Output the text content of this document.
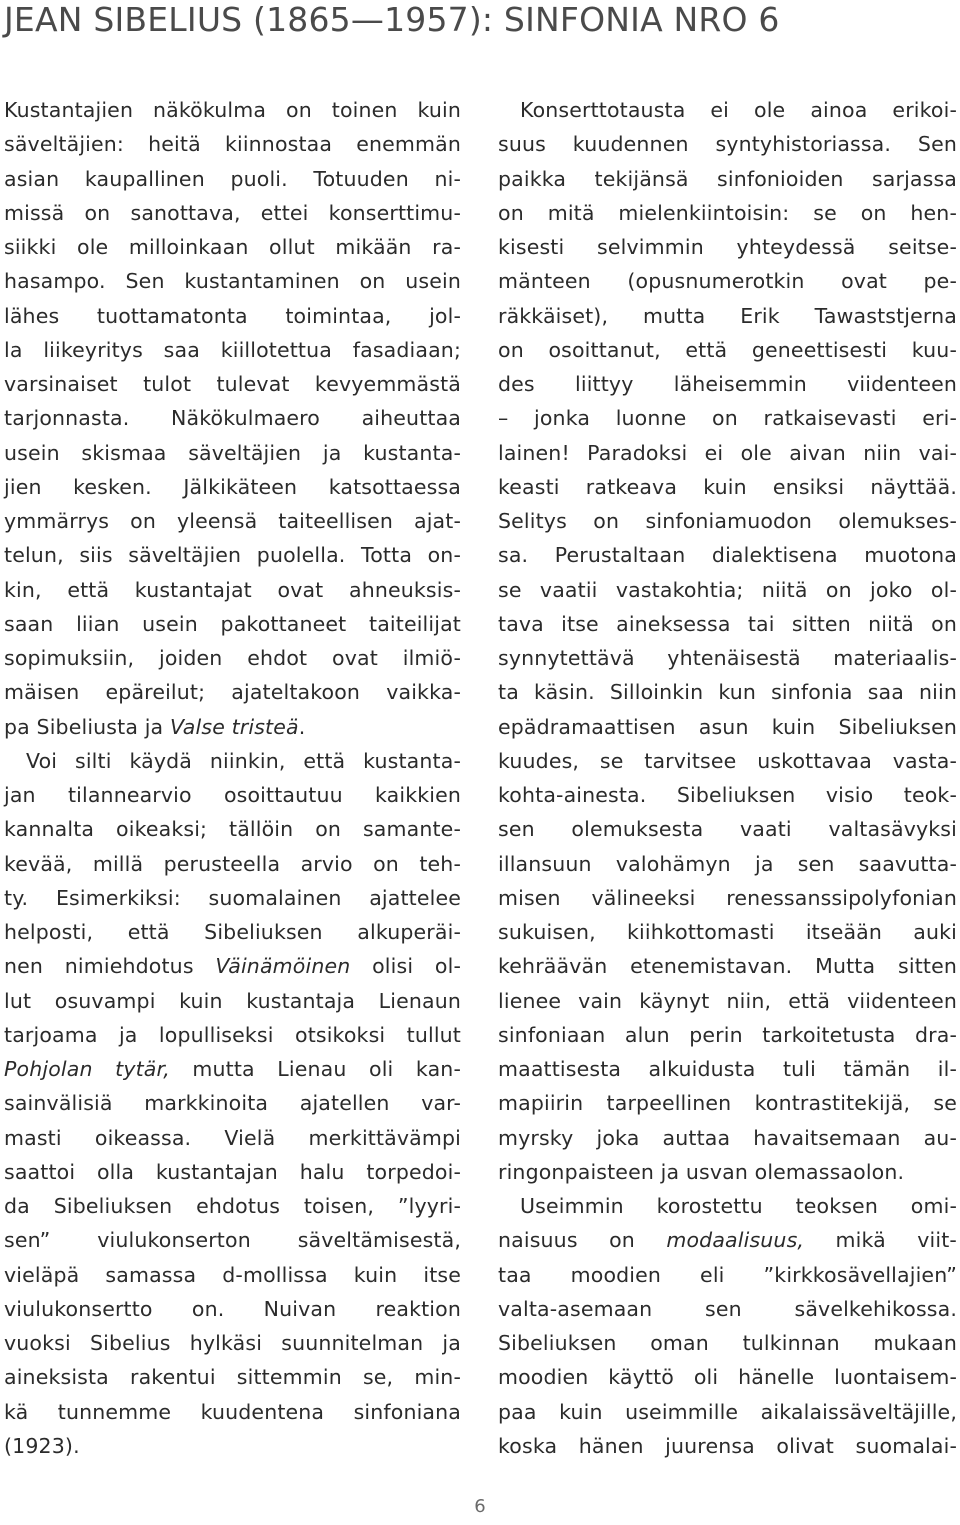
JEAN SIBELIUS (1865—1957): SINFONIA NRO 6
Kustantajien näkökulma on toinen kuin
säveltäjien: heitä kiinnostaa enemmän
asian kaupallinen puoli. Totuuden ni-
missä on sanottava, ettei konserttimu-
siikki ole milloinkaan ollut mikään ra-
hasampo. Sen kustantaminen on usein
lähes tuottamatonta toimintaa, jol-
la liikeyritys saa kiillotettua fasadiaan;
varsinaiset tulot tulevat kevyemmästä
tarjonnasta. Näkökulmaero aiheuttaa
usein skismaa säveltäjien ja kustanta-
jien kesken. Jälkikäteen katsottaessa
ymmärrys on yleensä taiteellisen ajat-
telun, siis säveltäjien puolella. Totta on-
kin, että kustantajat ovat ahneuksis-
saan liian usein pakottaneet taiteilijat
sopimuksiin, joiden ehdot ovat ilmiö-
mäisen epäreilut; ajateltakoon vaikka-
pa Sibeliusta ja Valse tristeä.
Voi silti käydä niinkin, että kustanta-
jan tilannearvio osoittautuu kaikkien
kannalta oikeaksi; tällöin on samante-
kevää, millä perusteella arvio on teh-
ty. Esimerkiksi: suomalainen ajattelee
helposti, että Sibeliuksen alkuperäi-
nen nimiehdotus Väinämöinen olisi ol-
lut osuvampi kuin kustantaja Lienaun
tarjoama ja lopulliseksi otsikoksi tullut
Pohjolan tytär, mutta Lienau oli kan-
sainvälisiä markkinoita ajatellen var-
masti oikeassa. Vielä merkittävämpi
saattoi olla kustantajan halu torpedoi-
da Sibeliuksen ehdotus toisen, ”lyyri-
sen” viulukonserton säveltämisestä,
vieläpä samassa d-mollissa kuin itse
viulukonsertto on. Nuivan reaktion
vuoksi Sibelius hylkäsi suunnitelman ja
aineksista rakentui sittemmin se, min-
kä tunnemme kuudentena sinfoniana
(1923).
Konserttotausta ei ole ainoa erikoi-
suus kuudennen syntyhistoriassa. Sen
paikka tekijänsä sinfonioiden sarjassa
on mitä mielenkiintoisin: se on hen-
kisesti selvimmin yhteydessä seitse-
mänteen (opusnumerotkin ovat pe-
räkkäiset), mutta Erik Tawaststjerna
on osoittanut, että geneettisesti kuu-
des liittyy läheisemmin viidenteen
– jonka luonne on ratkaisevasti eri-
lainen! Paradoksi ei ole aivan niin vai-
keasti ratkeava kuin ensiksi näyttää.
Selitys on sinfoniamuodon olemukses-
sa. Perustaltaan dialektisena muotona
se vaatii vastakohtia; niitä on joko ol-
tava itse aineksessa tai sitten niitä on
synnytettävä yhtenäisestä materiaalis-
ta käsin. Silloinkin kun sinfonia saa niin
epädramaattisen asun kuin Sibeliuksen
kuudes, se tarvitsee uskottavaa vasta-
kohta-ainesta. Sibeliuksen visio teok-
sen olemuksesta vaati valtasävyksi
illansuun valohämyn ja sen saavutta-
misen välineeksi renessanssipolyfonian
sukuisen, kiihkottomasti itseään auki
kehräävän etenemistavan. Mutta sitten
lienee vain käynyt niin, että viidenteen
sinfoniaan alun perin tarkoitetusta dra-
maattisesta alkuidusta tuli tämän il-
mapiirin tarpeellinen kontrastitekijä, se
myrsky joka auttaa havaitsemaan au-
ringonpaisteen ja usvan olemassaolon.
Useimmin korostettu teoksen omi-
naisuus on modaalisuus, mikä viit-
taa moodien eli ”kirkkosävellajien”
valta-asemaan sen sävelkehikossa.
Sibeliuksen oman tulkinnan mukaan
moodien käyttö oli hänelle luontaisem-
paa kuin useimmille aikalaissäveltäjille,
koska hänen juurensa olivat suomalai-
6
